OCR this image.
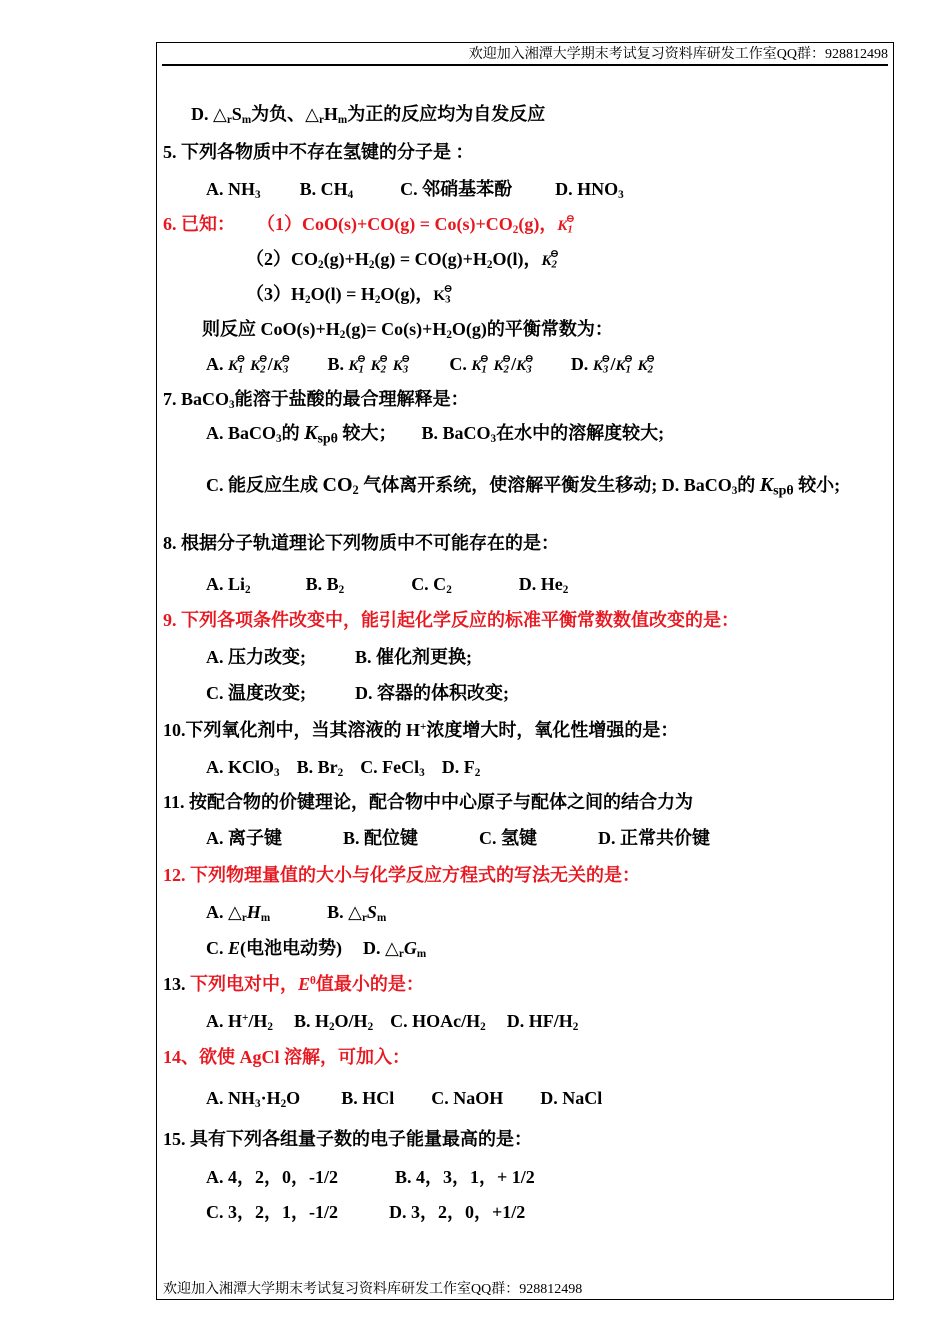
欢迎加入湘潭大学期末考试复习资料库研发工作室QQ群：928812498
D. $\triangle_rS_m$为负、$\triangle_rH_m$为正的反应均为自发反应
5. 下列各物质中不存在氢键的分子是 ：
A. $NH_3$ B. $CH_4$	C. 邻硝基苯酚 D. $HNO_3$
6. 已知： $(1)CoO(s)+CO(g) = Co(s)+CO_2(g)$，$K_1⊖$
$(2)CO_2(g)+H_2(g) = CO(g)+H_2O(l)$，$K_2⊖$
$(3)H_2O(l) = H_2O(g)$，$K_3⊖$
则反应 $CoO(s)+H_2(g)= Co(s)+H_2O(g)$的平衡常数为：
A. $K_1⊖$ $K_2⊖/K_3⊖$ B. $K_1⊖$ $K_2⊖$ $K_3⊖$ C. $K_1⊖$ $K_2⊖/K_3⊖$ D. $K_3⊖/K_1⊖$ $K_2⊖$
7. BaCO$_3$能溶于盐酸的最合理解释是：
A. BaCO$_3$的 $K_{sp\theta}$ 较大； B. BaCO$_3$在水中的溶解度较大;
C. 能反应生成 $CO_2$ 气体离开系统，使溶解平衡发生移动; D. BaCO$_3$的 $K_{sp\theta}$ 较小;
8. 根据分子轨道理论下列物质中不可能存在的是：
A. $Li_2$	B. $B_2$	C. $C_2$	D. $He_2$
9. 下列各项条件改变中，能引起化学反应的标准平衡常数数值改变的是：
A. 压力改变;	B. 催化剂更换;
C. 温度改变;	D. 容器的体积改变;
10.下列氧化剂中，当其溶液的 H+浓度增大时，氧化性增强的是：
A. KClO$_3$ B. $Br_2$ C. FeCl$_3$ D. $F_2$
11. 按配合物的价键理论，配合物中中心原子与配体之间的结合力为
A. 离子键	B. 配位键	C. 氢键	D. 正常共价键
12. 下列物理量值的大小与化学反应方程式的写法无关的是：
A. $\triangle_rH_m$	B. $\triangle_rS_m$
C. E(电池电动势) D. $\triangle_rG_m$
13. 下列电对中，$E^\theta$值最小的是：
A. $H^+/H_2$ B. $H_2O/H_2$ C. HOAc/$H_2$ D. $HF/H_2$
14、欲使 AgCl 溶解，可加入：
A. $NH_3\cdot H_2O$ B. HCl C. NaOH D. NaCl
15. 具有下列各组量子数的电子能量最高的是：
A. 4，2，0，-1/2	B. 4，3，1，+ 1/2
C. 3，2，1，-1/2	D. 3，2，0，+1/2
欢迎加入湘潭大学期末考试复习资料库研发工作室QQ群：928812498
